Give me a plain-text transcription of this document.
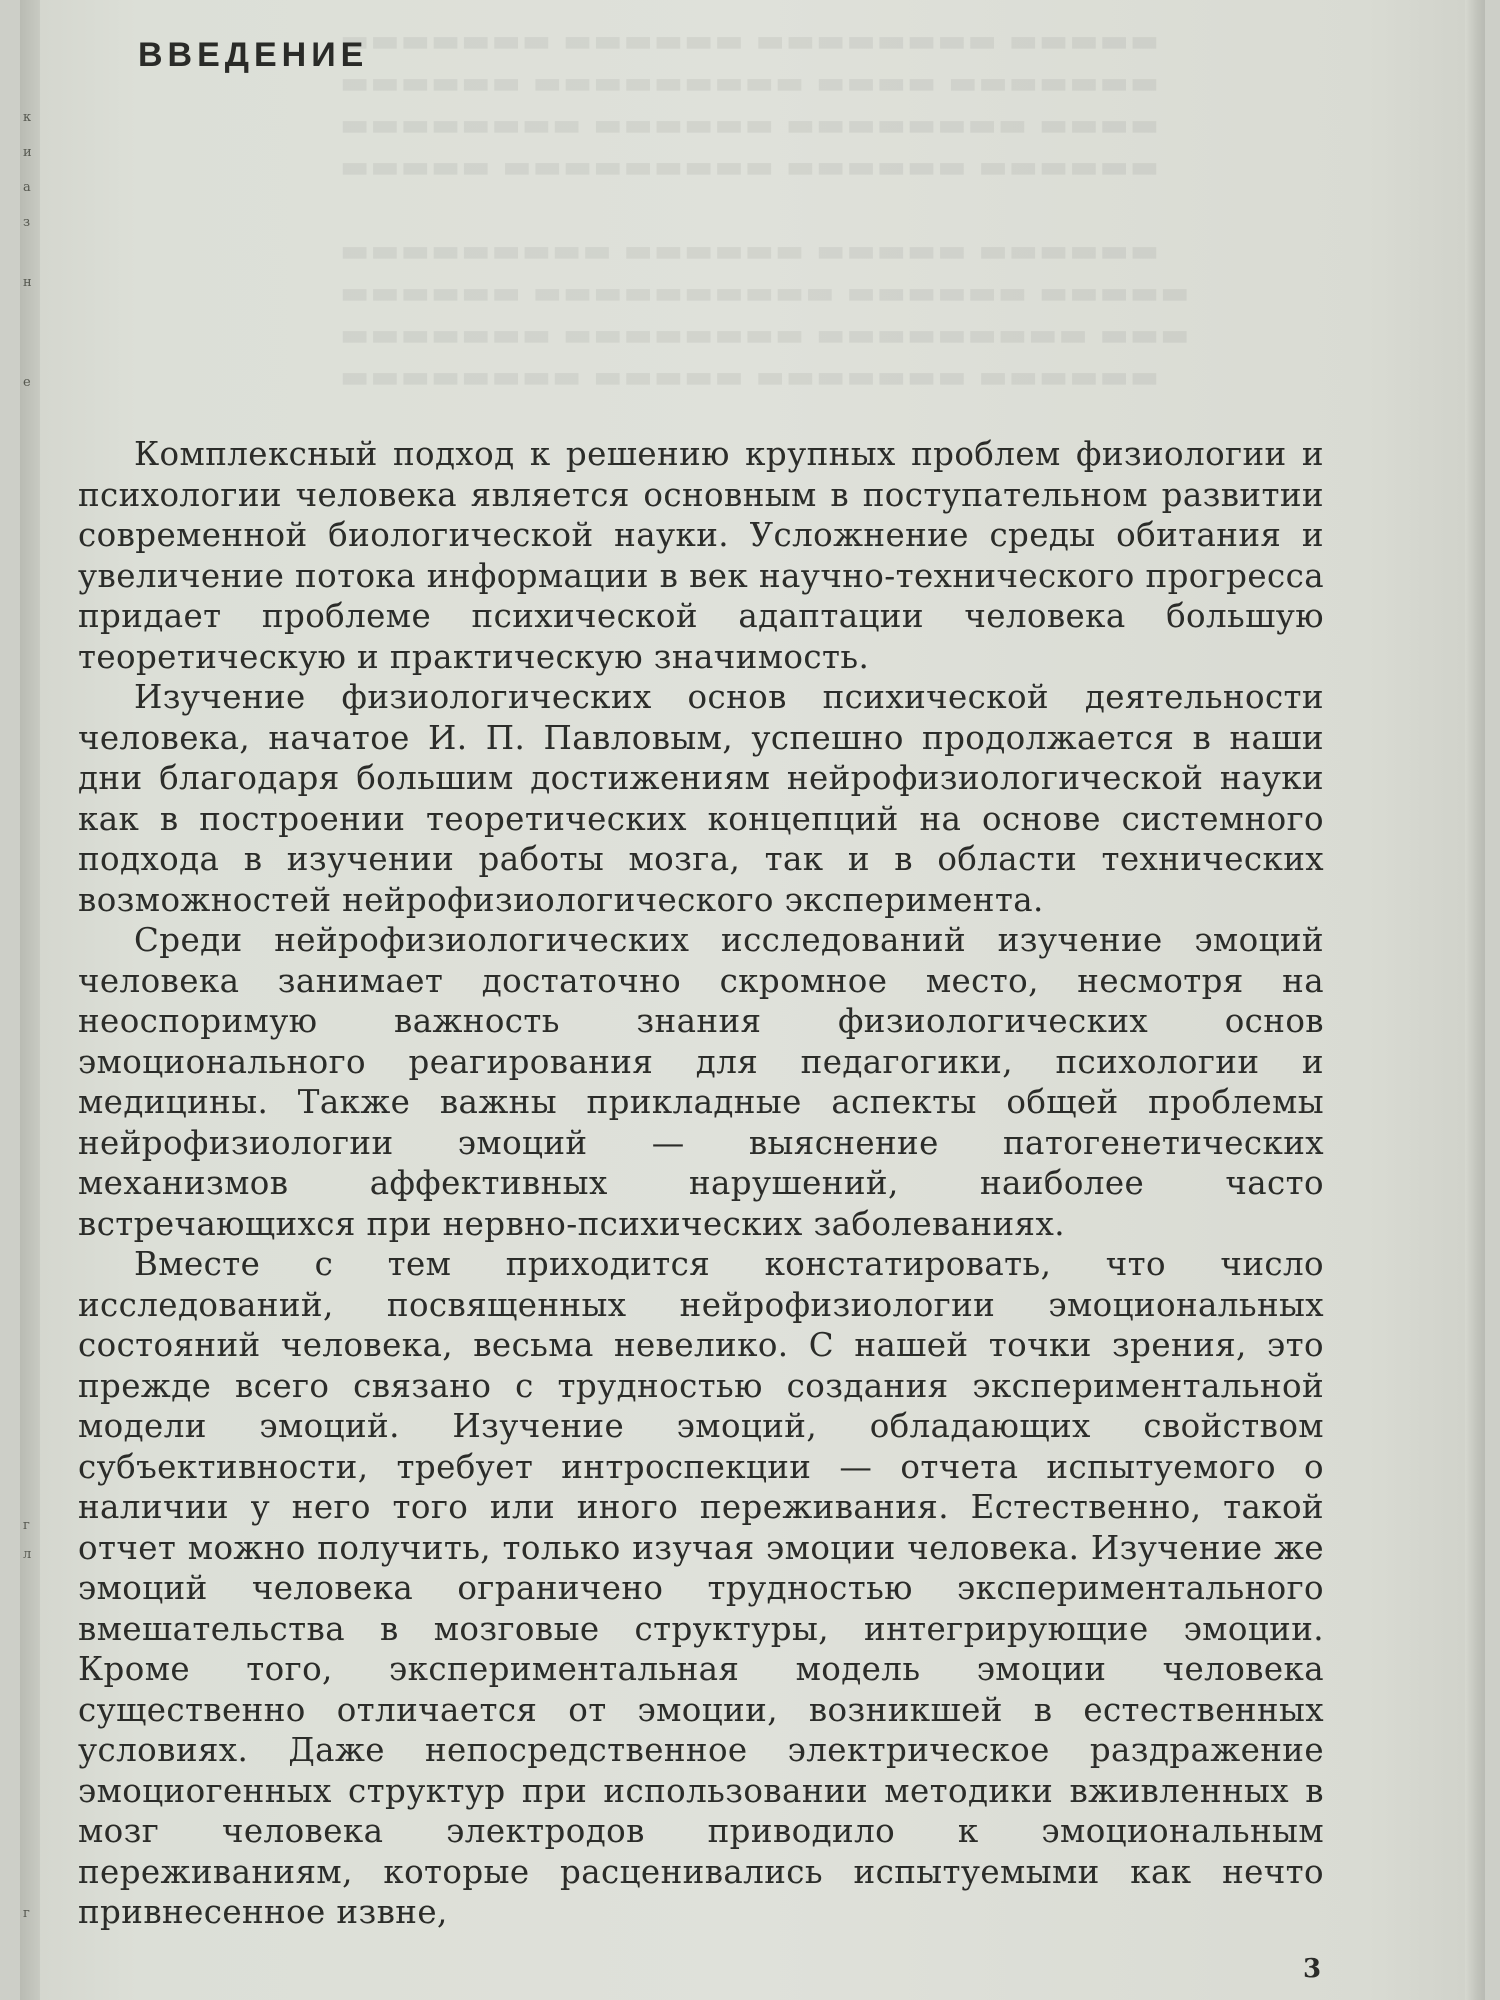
к
и
а
з
н
е
г
л
г
▬▬▬▬▬▬▬ ▬▬▬▬▬▬ ▬▬▬▬▬▬▬▬ ▬▬▬▬▬
▬▬▬▬▬▬ ▬▬▬▬▬▬▬▬▬ ▬▬▬▬ ▬▬▬▬▬▬▬
▬▬▬▬▬▬▬▬ ▬▬▬▬▬▬ ▬▬▬▬▬▬▬▬ ▬▬▬▬
▬▬▬▬▬ ▬▬▬▬▬▬▬▬▬ ▬▬▬▬▬▬ ▬▬▬▬▬▬

▬▬▬▬▬▬▬▬▬ ▬▬▬▬▬▬ ▬▬▬▬▬ ▬▬▬▬▬▬
▬▬▬▬▬▬ ▬▬▬▬▬▬▬▬▬▬ ▬▬▬▬▬▬ ▬▬▬▬▬
▬▬▬▬▬▬▬ ▬▬▬▬▬▬▬▬ ▬▬▬▬▬▬▬▬▬ ▬▬▬
▬▬▬▬▬▬▬▬ ▬▬▬▬▬ ▬▬▬▬▬▬▬ ▬▬▬▬▬▬
ВВЕДЕНИЕ

Комплексный подход к решению крупных проблем физиологии и психологии человека является основным в поступательном развитии современной биологической науки. Усложнение среды обитания и увеличение потока информации в век научно-технического прогресса придает проблеме психической адаптации человека большую теоретическую и практическую значимость.

Изучение физиологических основ психической деятельности человека, начатое И. П. Павловым, успешно продолжается в наши дни благодаря большим достижениям нейрофизиологической науки как в построении теоретических концепций на основе системного подхода в изучении работы мозга, так и в области технических возможностей нейрофизиологического эксперимента.

Среди нейрофизиологических исследований изучение эмоций человека занимает достаточно скромное место, несмотря на неоспоримую важность знания физиологических основ эмоционального реагирования для педагогики, психологии и медицины. Также важны прикладные аспекты общей проблемы нейрофизиологии эмоций — выяснение патогенетических механизмов аффективных нарушений, наиболее часто встречающихся при нервно-психических заболеваниях.

Вместе с тем приходится констатировать, что число исследований, посвященных нейрофизиологии эмоциональных состояний человека, весьма невелико. С нашей точки зрения, это прежде всего связано с трудностью создания экспериментальной модели эмоций. Изучение эмоций, обладающих свойством субъективности, требует интроспекции — отчета испытуемого о наличии у него того или иного переживания. Естественно, такой отчет можно получить, только изучая эмоции человека. Изучение же эмоций человека ограничено трудностью экспериментального вмешательства в мозговые структуры, интегрирующие эмоции. Кроме того, экспериментальная модель эмоции человека существенно отличается от эмоции, возникшей в естественных условиях. Даже непосредственное электрическое раздражение эмоциогенных структур при использовании методики вживленных в мозг человека электродов приводило к эмоциональным переживаниям, которые расценивались испытуемыми как нечто привнесенное извне,

3
